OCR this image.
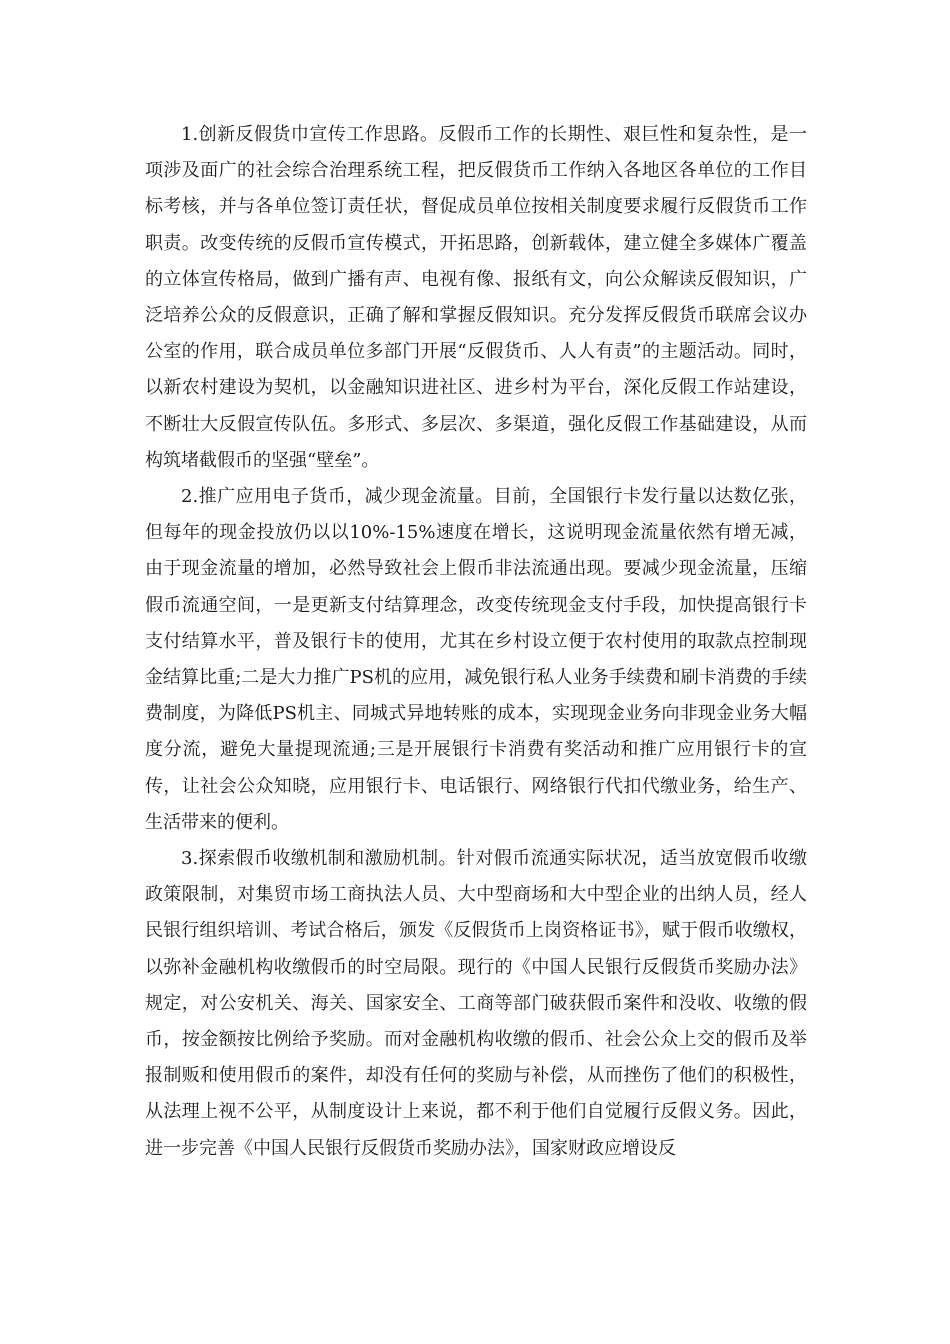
1.创新反假货巾宣传工作思路。反假币工作的长期性、艰巨性和复杂性，是一项涉及面广的社会综合治理系统工程，把反假货币工作纳入各地区各单位的工作目标考核，并与各单位签订责任状，督促成员单位按相关制度要求履行反假货币工作职责。改变传统的反假币宣传模式，开拓思路，创新载体，建立健全多媒体广覆盖的立体宣传格局，做到广播有声、电视有像、报纸有文，向公众解读反假知识，广泛培养公众的反假意识，正确了解和掌握反假知识。充分发挥反假货币联席会议办公室的作用，联合成员单位多部门开展“反假货币、人人有责”的主题活动。同时，以新农村建设为契机，以金融知识进社区、进乡村为平台，深化反假工作站建设，不断壮大反假宣传队伍。多形式、多层次、多渠道，强化反假工作基础建设，从而构筑堵截假币的坚强“壁垒”。

2.推广应用电子货币，减少现金流量。目前，全国银行卡发行量以达数亿张，但每年的现金投放仍以以10%-15%速度在增长，这说明现金流量依然有增无减，由于现金流量的增加，必然导致社会上假币非法流通出现。要减少现金流量，压缩假币流通空间，一是更新支付结算理念，改变传统现金支付手段，加快提高银行卡支付结算水平，普及银行卡的使用，尤其在乡村设立便于农村使用的取款点控制现金结算比重;二是大力推广PS机的应用，减免银行私人业务手续费和刷卡消费的手续费制度，为降低PS机主、同城式异地转账的成本，实现现金业务向非现金业务大幅度分流，避免大量提现流通;三是开展银行卡消费有奖活动和推广应用银行卡的宣传，让社会公众知晓，应用银行卡、电话银行、网络银行代扣代缴业务，给生产、生活带来的便利。

3.探索假币收缴机制和激励机制。针对假币流通实际状况，适当放宽假币收缴政策限制，对集贸市场工商执法人员、大中型商场和大中型企业的出纳人员，经人民银行组织培训、考试合格后，颁发《反假货币上岗资格证书》，赋于假币收缴权，以弥补金融机构收缴假币的时空局限。现行的《中国人民银行反假货币奖励办法》规定，对公安机关、海关、国家安全、工商等部门破获假币案件和没收、收缴的假币，按金额按比例给予奖励。而对金融机构收缴的假币、社会公众上交的假币及举报制贩和使用假币的案件，却没有任何的奖励与补偿，从而挫伤了他们的积极性，从法理上视不公平，从制度设计上来说，都不利于他们自觉履行反假义务。因此，进一步完善《中国人民银行反假货币奖励办法》，国家财政应增设反
